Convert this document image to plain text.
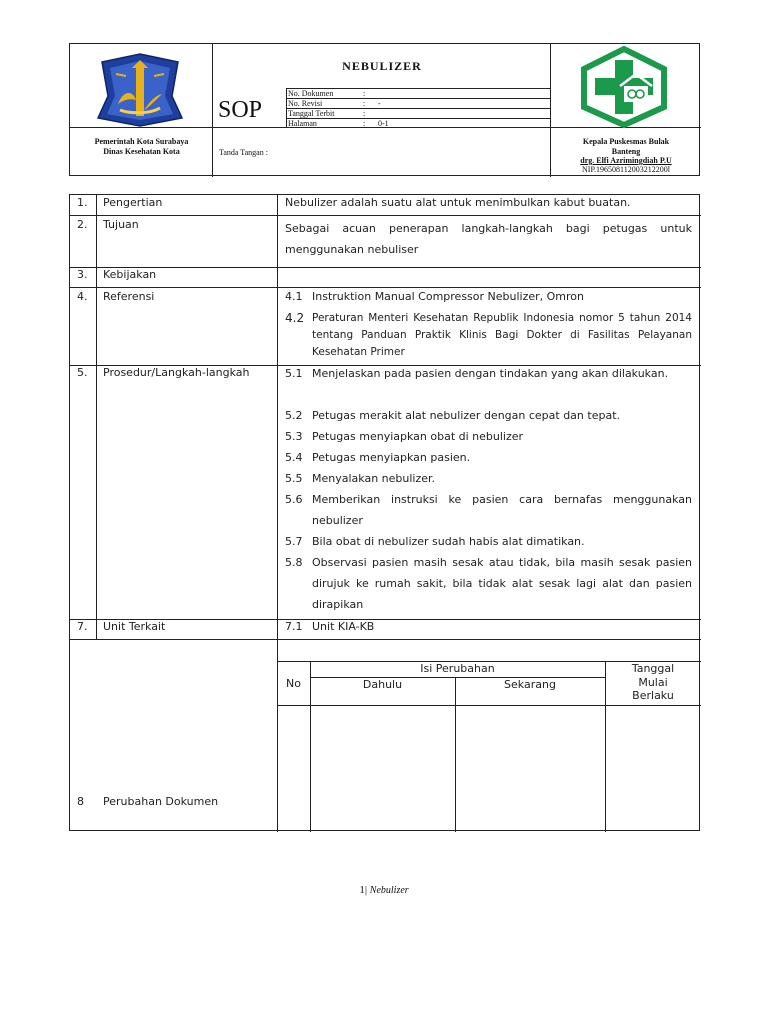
NEBULIZER
SOP
No. Dokumen	:
No. Revisi	: -
Tanggal Terbit	:
Halaman	: 0-1
Pemerintah Kota Surabaya
Dinas Kesehatan Kota	Tanda Tangan :
Kepala Puskesmas Bulak
Banteng
drg. Elfi Azrimingdiah P.U
NIP.196508112003212200l
1. Pengertian	Nebulizer adalah suatu alat untuk menimbulkan kabut buatan.
2. Tujuan	Sebagai acuan penerapan langkah-langkah bagi petugas untuk menggunakan nebuliser
3. Kebijakan
4. Referensi	4.1 Instruktion Manual Compressor Nebulizer, Omron
4.2 Peraturan Menteri Kesehatan Republik Indonesia nomor 5 tahun 2014 tentang Panduan Praktik Klinis Bagi Dokter di Fasilitas Pelayanan Kesehatan Primer
5. Prosedur/Langkah-langkah	5.1 Menjelaskan pada pasien dengan tindakan yang akan dilakukan.
5.2 Petugas merakit alat nebulizer dengan cepat dan tepat.
5.3 Petugas menyiapkan obat di nebulizer
5.4 Petugas menyiapkan pasien.
5.5 Menyalakan nebulizer.
5.6 Memberikan instruksi ke pasien cara bernafas menggunakan nebulizer
5.7 Bila obat di nebulizer sudah habis alat dimatikan.
5.8 Observasi pasien masih sesak atau tidak, bila masih sesak pasien dirujuk ke rumah sakit, bila tidak alat sesak lagi alat dan pasien dirapikan
7. Unit Terkait	7.1 Unit KIA-KB
8 Perubahan Dokumen
No
Isi Perubahan
Dahulu	Sekarang
Tanggal
Mulai
Berlaku
1| Nebulizer
